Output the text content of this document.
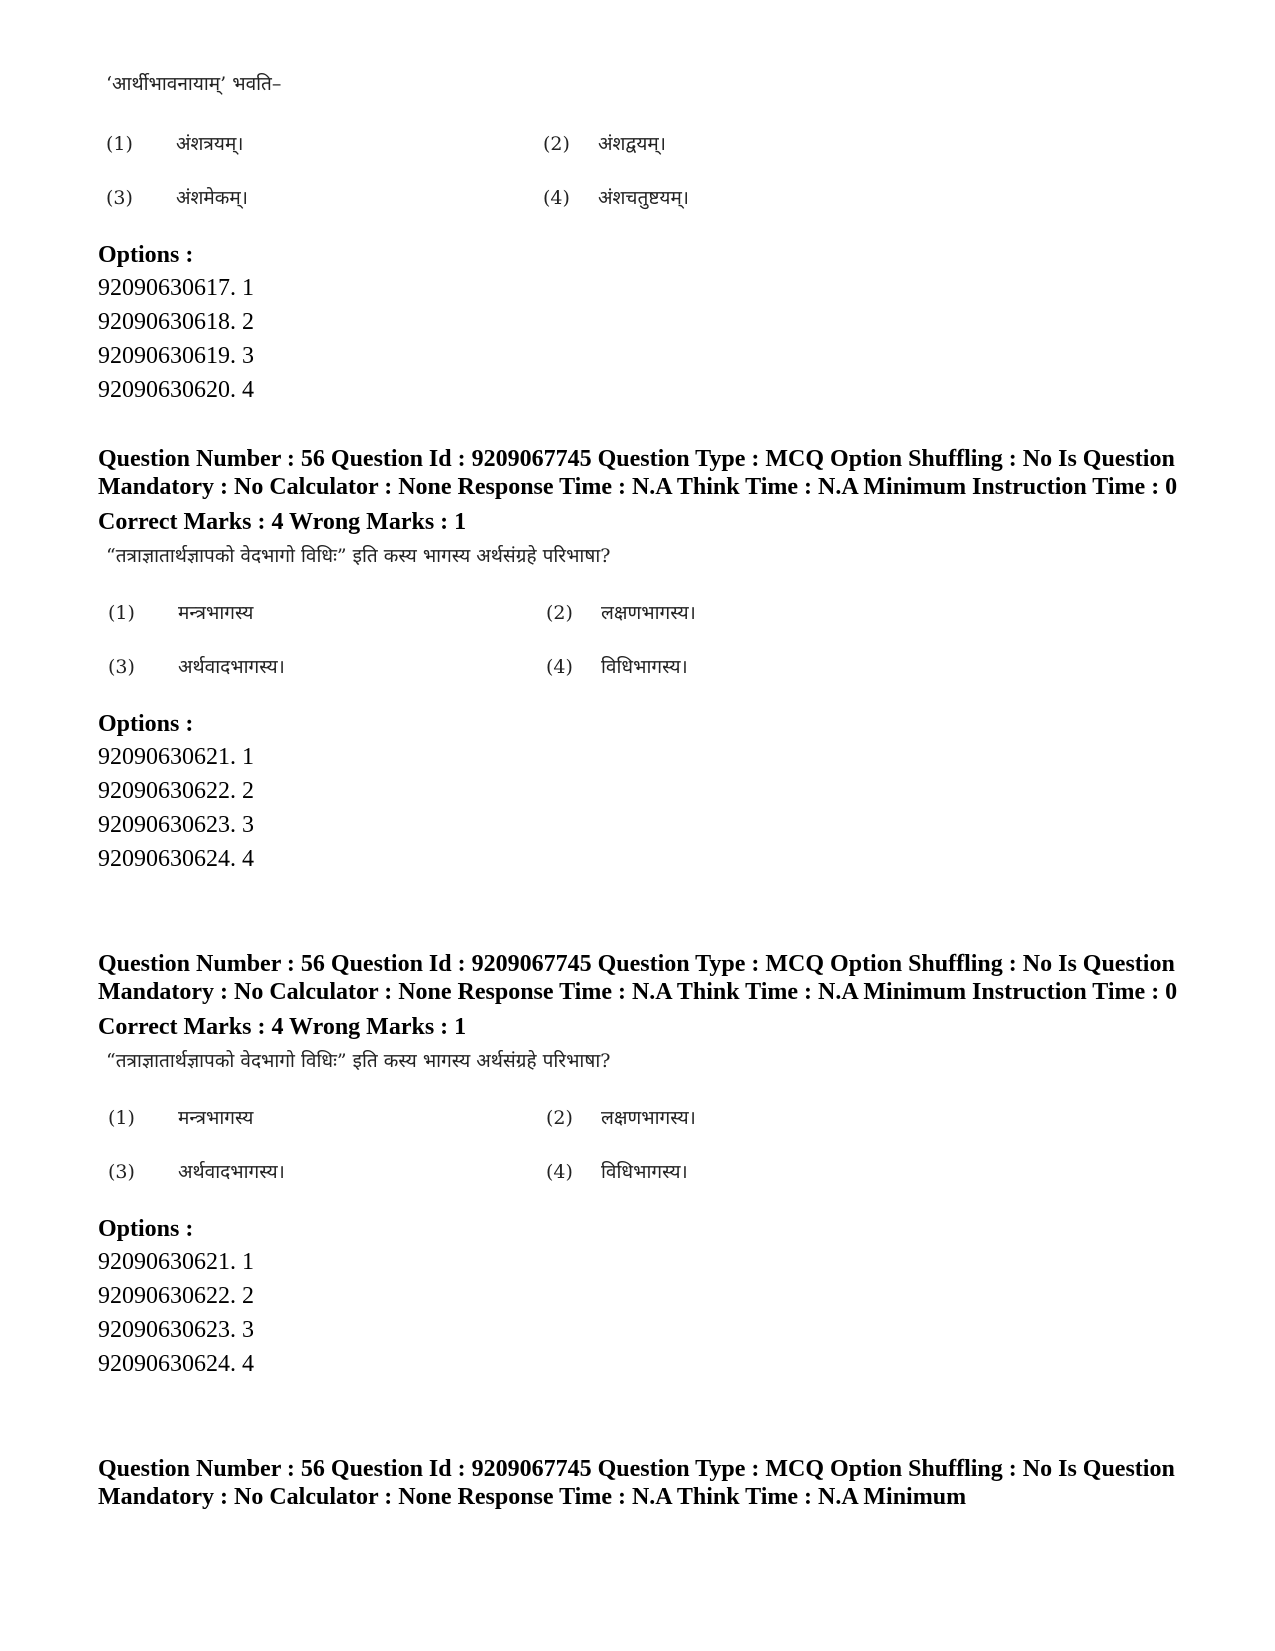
‘आर्थीभावनायाम्’ भवति–
(1) अंशत्रयम्।	(2) अंशद्वयम्।
(3) अंशमेकम्।	(4) अंशचतुष्टयम्।
Options :
92090630617. 1
92090630618. 2
92090630619. 3
92090630620. 4
Question Number : 56 Question Id : 9209067745 Question Type : MCQ Option Shuffling : No Is Question Mandatory : No Calculator : None Response Time : N.A Think Time : N.A Minimum Instruction Time : 0
Correct Marks : 4 Wrong Marks : 1
“तत्राज्ञातार्थज्ञापको वेदभागो विधिः” इति कस्य भागस्य अर्थसंग्रहे परिभाषा?
(1) मन्त्रभागस्य	(2) लक्षणभागस्य।
(3) अर्थवादभागस्य।	(4) विधिभागस्य।
Options :
92090630621. 1
92090630622. 2
92090630623. 3
92090630624. 4
Question Number : 56 Question Id : 9209067745 Question Type : MCQ Option Shuffling : No Is Question Mandatory : No Calculator : None Response Time : N.A Think Time : N.A Minimum Instruction Time : 0
Correct Marks : 4 Wrong Marks : 1
“तत्राज्ञातार्थज्ञापको वेदभागो विधिः” इति कस्य भागस्य अर्थसंग्रहे परिभाषा?
(1) मन्त्रभागस्य	(2) लक्षणभागस्य।
(3) अर्थवादभागस्य।	(4) विधिभागस्य।
Options :
92090630621. 1
92090630622. 2
92090630623. 3
92090630624. 4
Question Number : 56 Question Id : 9209067745 Question Type : MCQ Option Shuffling : No Is Question Mandatory : No Calculator : None Response Time : N.A Think Time : N.A Minimum
